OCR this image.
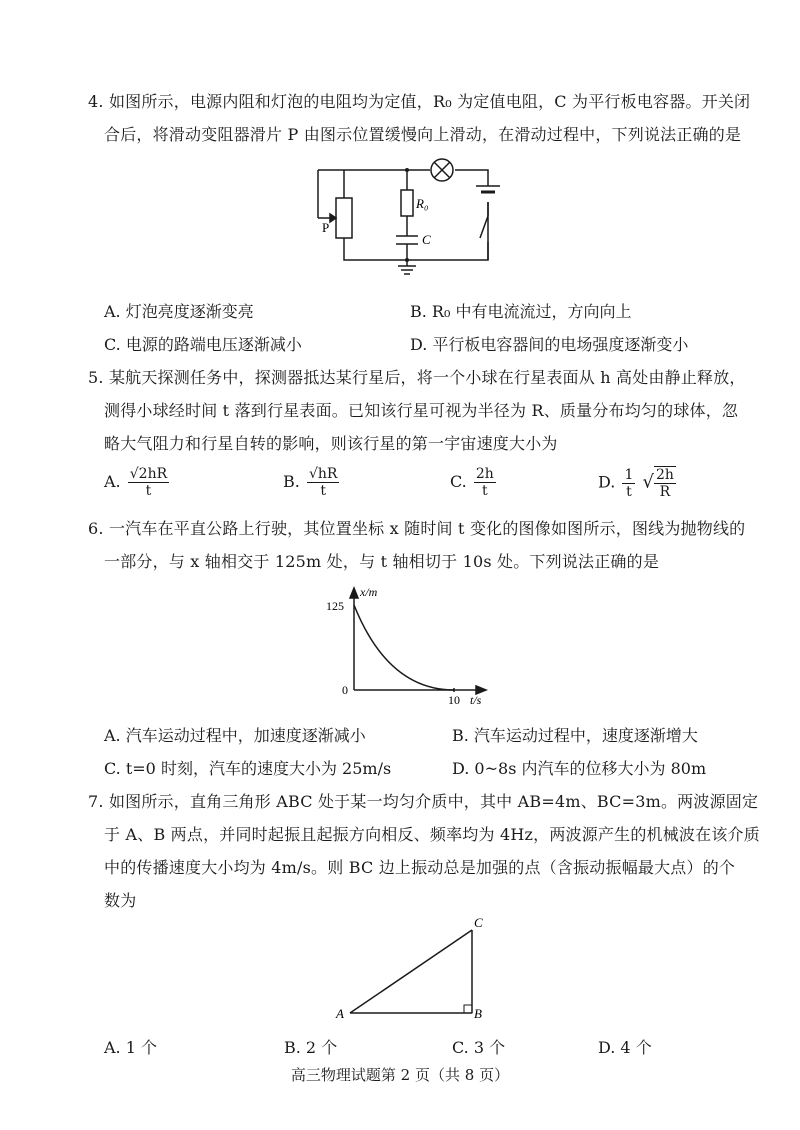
4. 如图所示，电源内阻和灯泡的电阻均为定值，R₀ 为定值电阻，C 为平行板电容器。开关闭
合后，将滑动变阻器滑片 P 由图示位置缓慢向上滑动，在滑动过程中，下列说法正确的是
R₀
C
P
A. 灯泡亮度逐渐变亮	B. R₀ 中有电流流过，方向向上
C. 电源的路端电压逐渐减小	D. 平行板电容器间的电场强度逐渐变小
5. 某航天探测任务中，探测器抵达某行星后，将一个小球在行星表面从 h 高处由静止释放，
测得小球经时间 t 落到行星表面。已知该行星可视为半径为 R、质量分布均匀的球体，忽
略大气阻力和行星自转的影响，则该行星的第一宇宙速度大小为
A. $\frac{√2hR}{t}$	B. $\frac{√hR}{t}$	C. $\frac{2h}{t}$	D. $\frac{1}{t}$ √ $\frac{2h}{R}$
6. 一汽车在平直公路上行驶，其位置坐标 x 随时间 t 变化的图像如图所示，图线为抛物线的
一部分，与 x 轴相交于 125m 处，与 t 轴相切于 10s 处。下列说法正确的是
x/m
125
0
10 t/s
A. 汽车运动过程中，加速度逐渐减小	B. 汽车运动过程中，速度逐渐增大
C. t=0 时刻，汽车的速度大小为 25m/s	D. 0~8s 内汽车的位移大小为 80m
7. 如图所示，直角三角形 ABC 处于某一均匀介质中，其中 AB=4m、BC=3m。两波源固定
于 A、B 两点，并同时起振且起振方向相反、频率均为 4Hz，两波源产生的机械波在该介质
中的传播速度大小均为 4m/s。则 BC 边上振动总是加强的点（含振动振幅最大点）的个
数为
A	B
C
A. 1 个	B. 2 个	C. 3 个	D. 4 个
高三物理试题第 2 页（共 8 页）
